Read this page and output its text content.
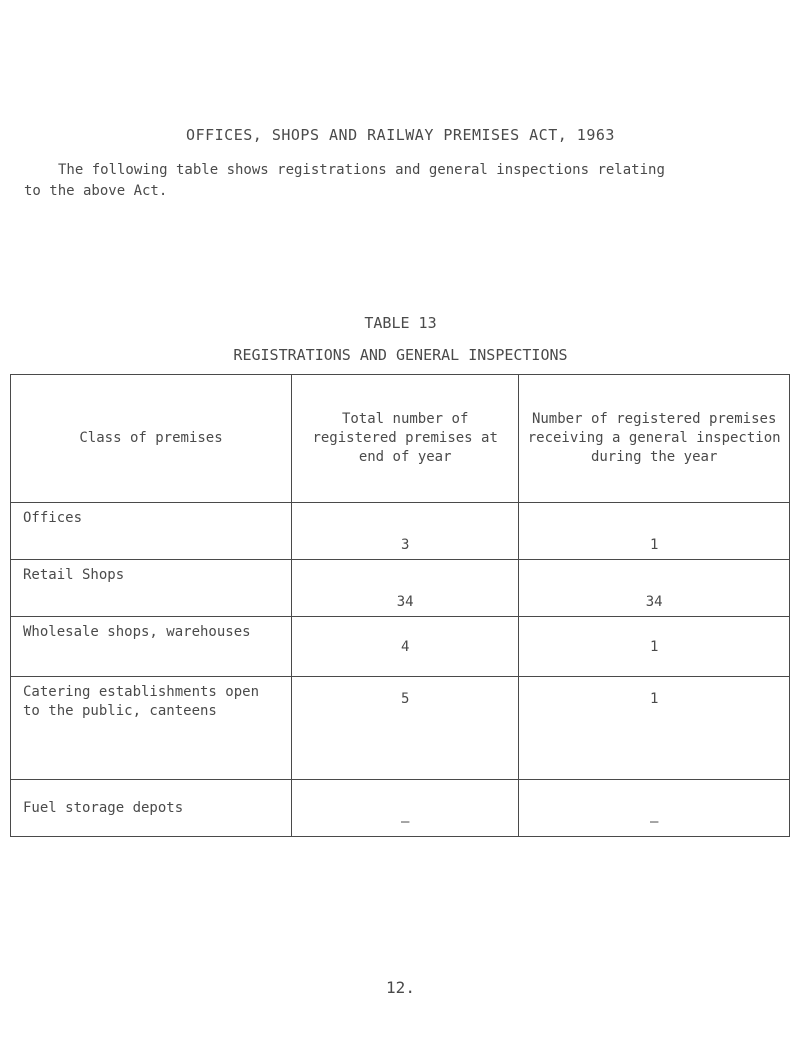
OFFICES, SHOPS AND RAILWAY PREMISES ACT, 1963
The following table shows registrations and general inspections relating
to the above Act.
TABLE 13
REGISTRATIONS AND GENERAL INSPECTIONS
Class of premises	Total number of registered premises at end of year	Number of registered premises receiving a general inspection during the year
Offices	3	1
Retail Shops	34	34
Wholesale shops, warehouses	4	1
Catering establishments open to the public, canteens	5	1
Fuel storage depots	–	–
12.
